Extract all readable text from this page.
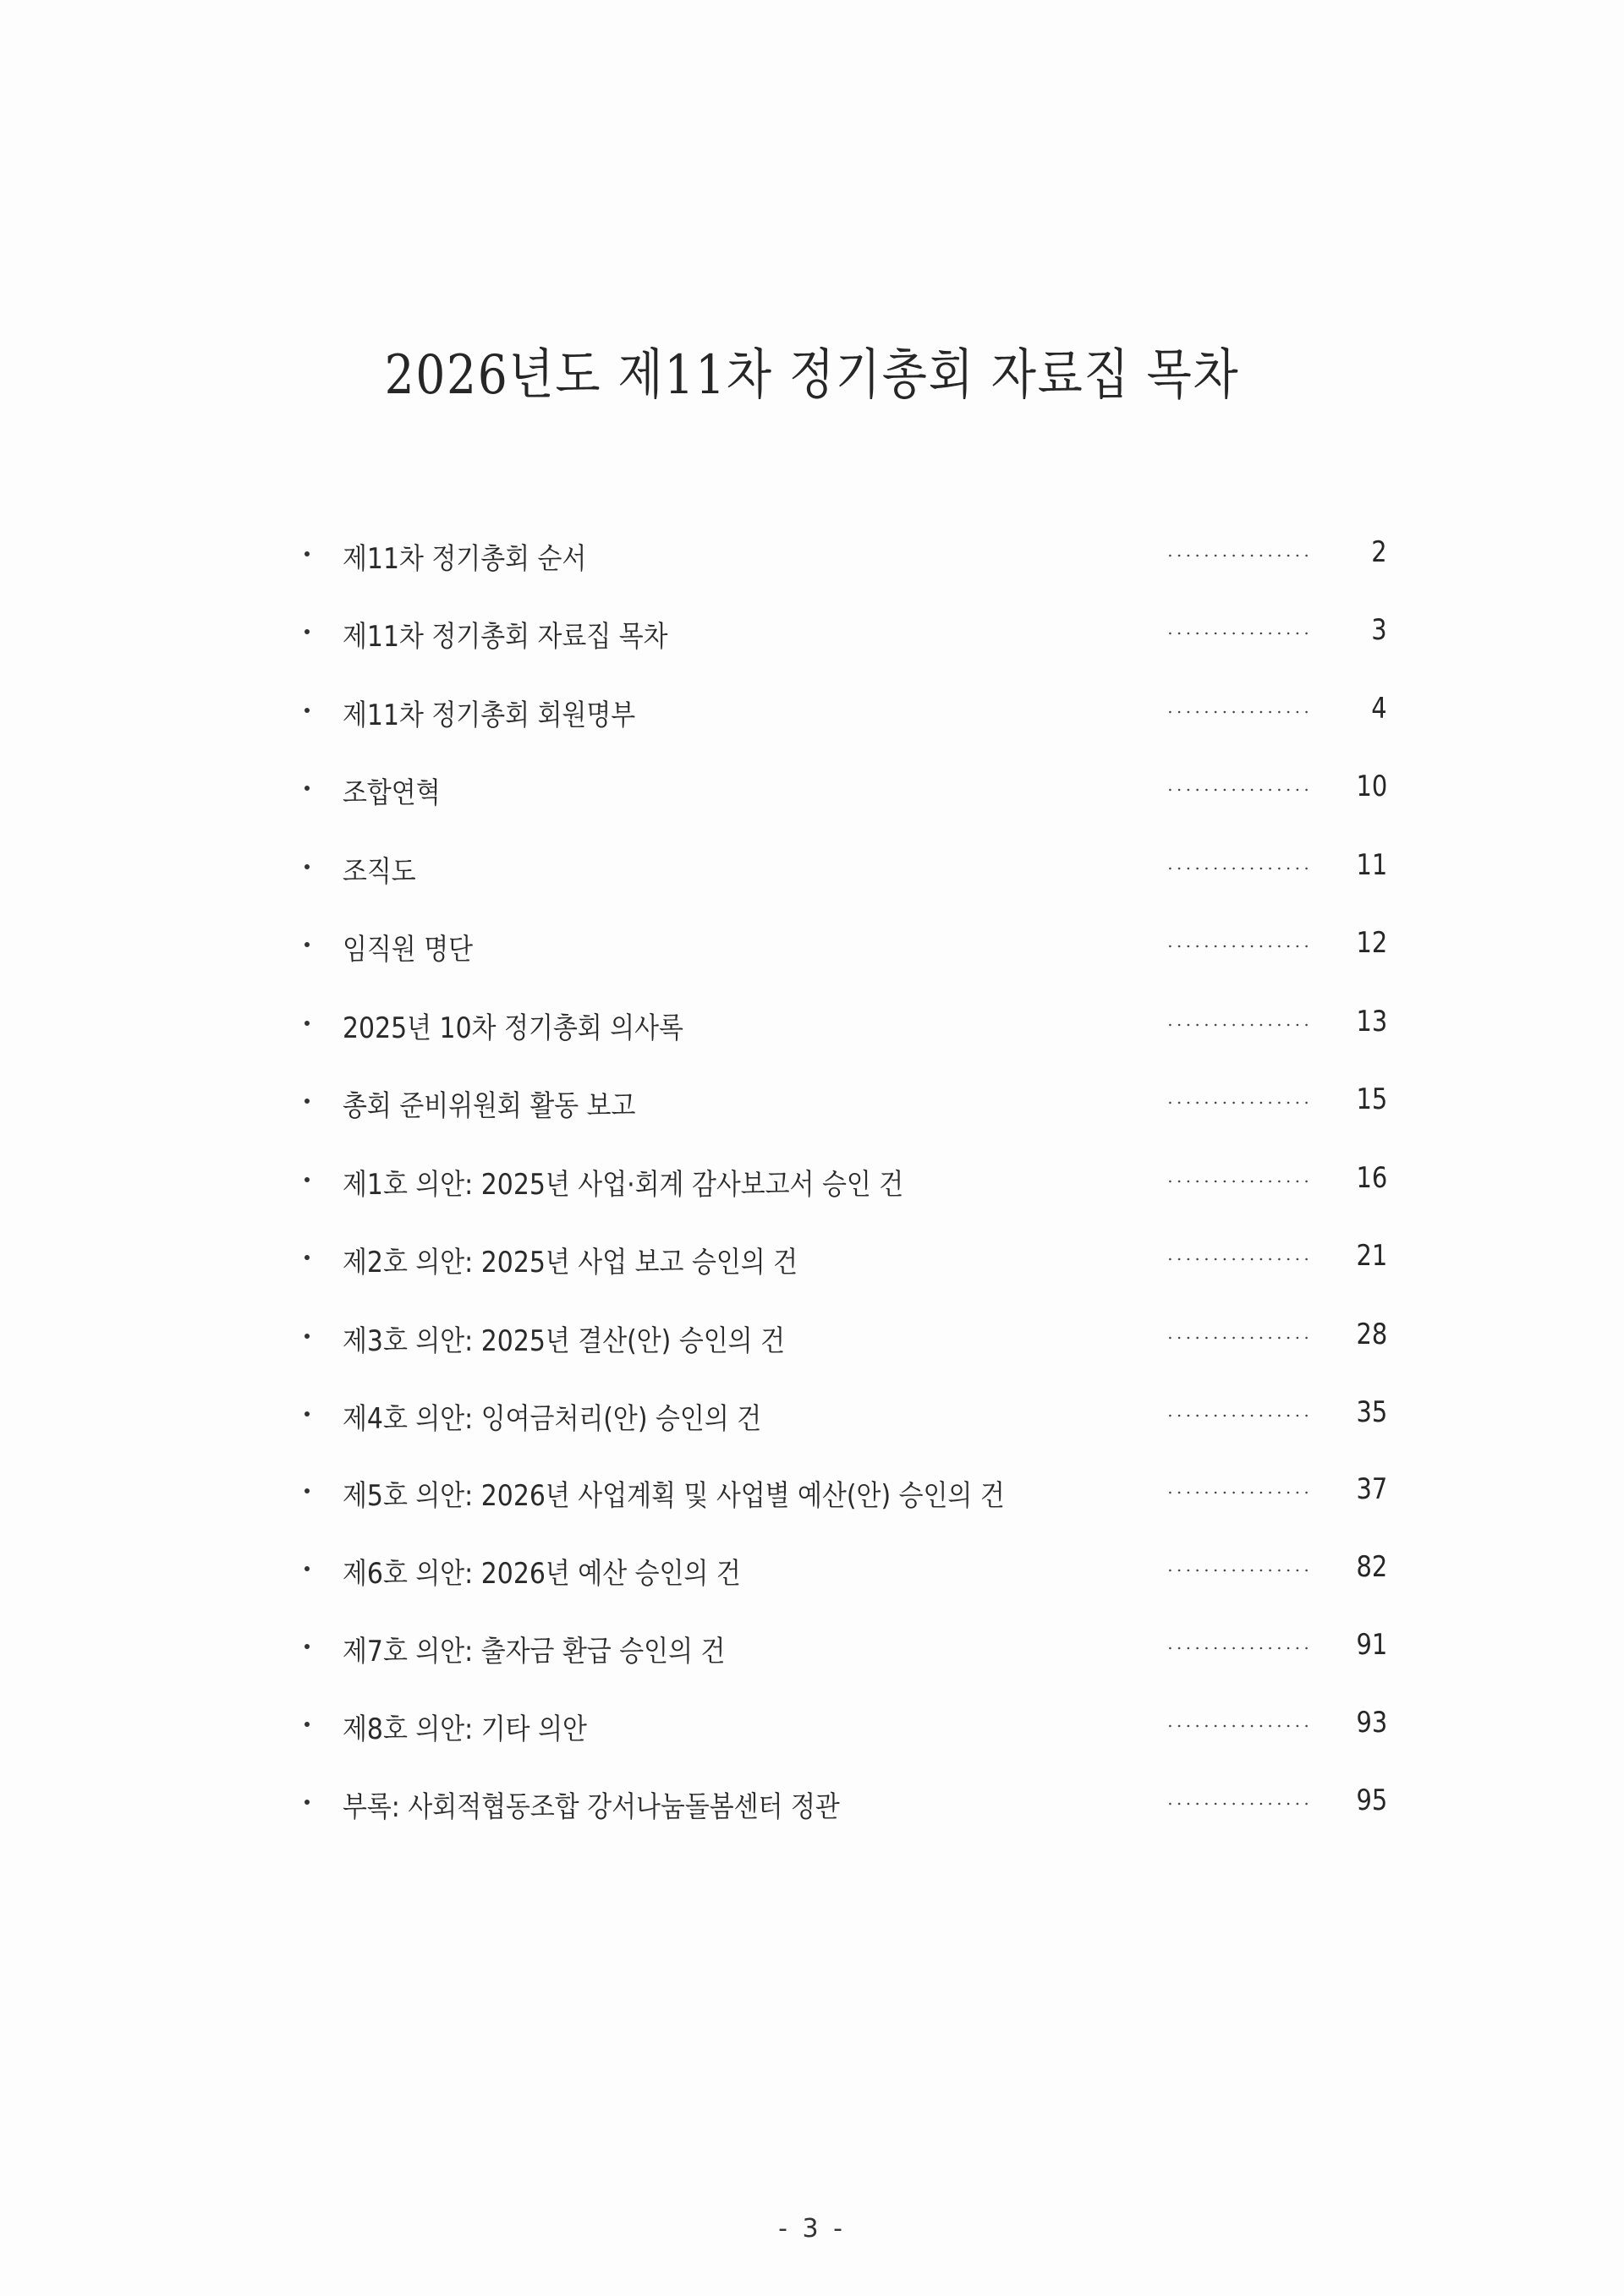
2026년도 제11차 정기총회 자료집 목차
제11차 정기총회 순서	2
제11차 정기총회 자료집 목차	3
제11차 정기총회 회원명부	4
조합연혁	10
조직도	11
임직원 명단	12
2025년 10차 정기총회 의사록	13
총회 준비위원회 활동 보고	15
제1호 의안: 2025년 사업·회계 감사보고서 승인 건	16
제2호 의안: 2025년 사업 보고 승인의 건	21
제3호 의안: 2025년 결산(안) 승인의 건	28
제4호 의안: 잉여금처리(안) 승인의 건	35
제5호 의안: 2026년 사업계획 및 사업별 예산(안) 승인의 건	37
제6호 의안: 2026년 예산 승인의 건	82
제7호 의안: 출자금 환급 승인의 건	91
제8호 의안: 기타 의안	93
부록: 사회적협동조합 강서나눔돌봄센터 정관	95
- 3 -
